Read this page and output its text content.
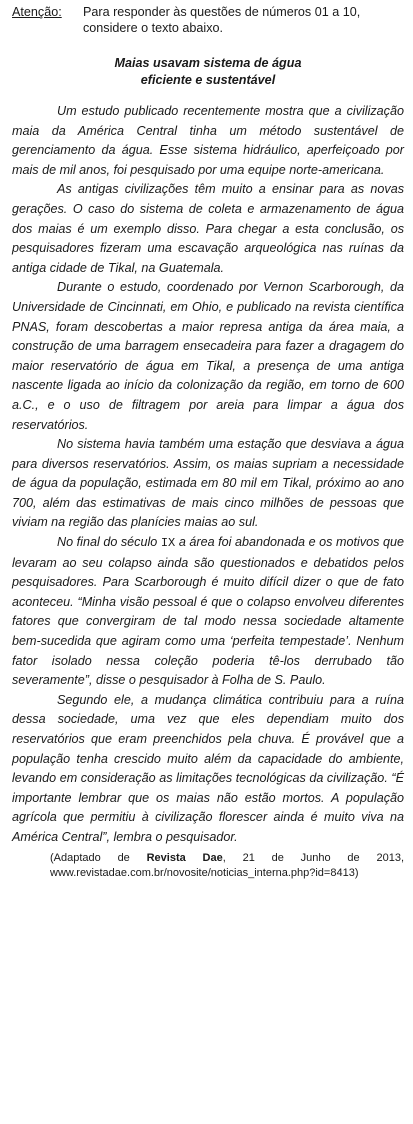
Atenção:	Para responder às questões de números 01 a 10,
considere o texto abaixo.
Maias usavam sistema de água
eficiente e sustentável

Um estudo publicado recentemente mostra que a civilização maia da América Central tinha um método sustentável de gerenciamento da água. Esse sistema hidráulico, aperfeiçoado por mais de mil anos, foi pesquisado por uma equipe norte-americana.

As antigas civilizações têm muito a ensinar para as novas gerações. O caso do sistema de coleta e armazenamento de água dos maias é um exemplo disso. Para chegar a esta conclusão, os pesquisadores fizeram uma escavação arqueológica nas ruínas da antiga cidade de Tikal, na Guatemala.

Durante o estudo, coordenado por Vernon Scarborough, da Universidade de Cincinnati, em Ohio, e publicado na revista científica PNAS, foram descobertas a maior represa antiga da área maia, a construção de uma barragem ensecadeira para fazer a dragagem do maior reservatório de água em Tikal, a presença de uma antiga nascente ligada ao início da colonização da região, em torno de 600 a.C., e o uso de filtragem por areia para limpar a água dos reservatórios.

No sistema havia também uma estação que desviava a água para diversos reservatórios. Assim, os maias supriam a necessidade de água da população, estimada em 80 mil em Tikal, próximo ao ano 700, além das estimativas de mais cinco milhões de pessoas que viviam na região das planícies maias ao sul.

No final do século IX a área foi abandonada e os motivos que levaram ao seu colapso ainda são questionados e debatidos pelos pesquisadores. Para Scarborough é muito difícil dizer o que de fato aconteceu. “Minha visão pessoal é que o colapso envolveu diferentes fatores que convergiram de tal modo nessa sociedade altamente bem-sucedida que agiram como uma ‘perfeita tempestade’. Nenhum fator isolado nessa coleção poderia tê-los derrubado tão severamente”, disse o pesquisador à Folha de S. Paulo.

Segundo ele, a mudança climática contribuiu para a ruína dessa sociedade, uma vez que eles dependiam muito dos reservatórios que eram preenchidos pela chuva. É provável que a população tenha crescido muito além da capacidade do ambiente, levando em consideração as limitações tecnológicas da civilização. “É importante lembrar que os maias não estão mortos. A população agrícola que permitiu à civilização florescer ainda é muito viva na América Central”, lembra o pesquisador.

(Adaptado de Revista Dae, 21 de Junho de 2013, www.revistadae.com.br/novosite/noticias_interna.php?id=8413)
